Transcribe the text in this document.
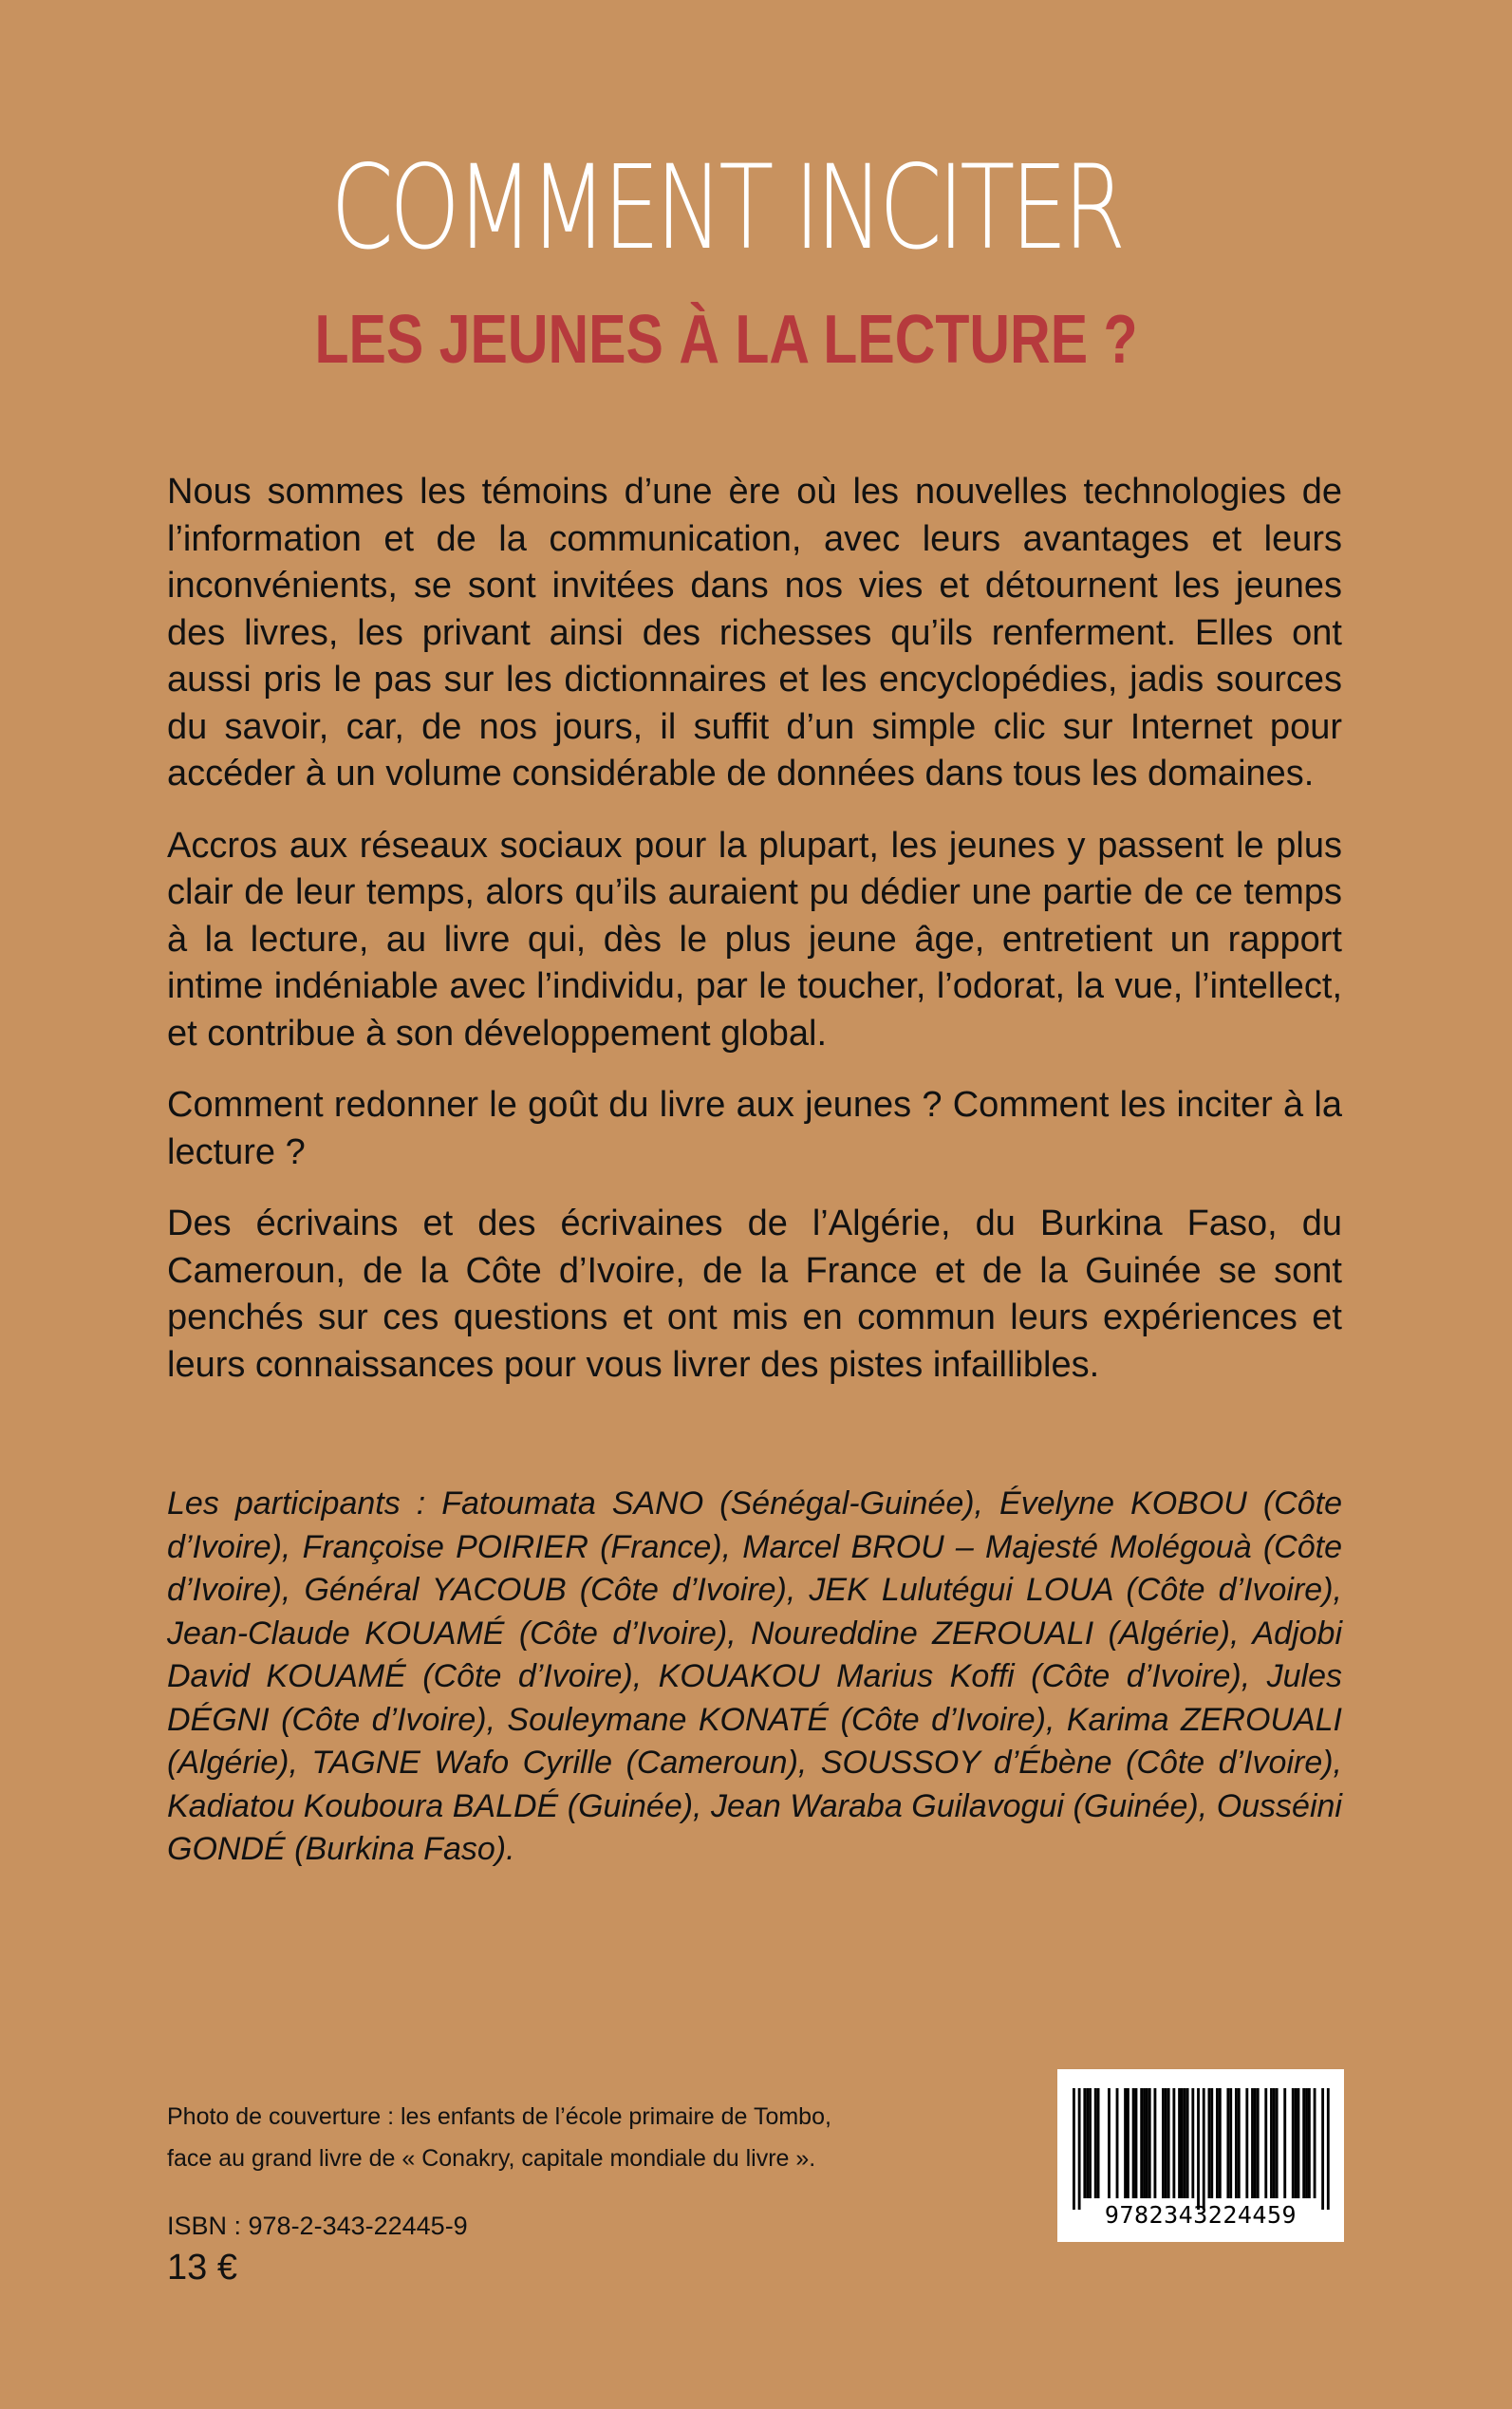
COMMENT INCITER
LES JEUNES À LA LECTURE ?

Nous sommes les témoins d’une ère où les nouvelles technologies de l’information et de la communication, avec leurs avantages et leurs inconvénients, se sont invitées dans nos vies et détournent les jeunes des livres, les privant ainsi des richesses qu’ils renferment. Elles ont aussi pris le pas sur les dictionnaires et les encyclopédies, jadis sources du savoir, car, de nos jours, il suffit d’un simple clic sur Internet pour accéder à un volume considérable de données dans tous les domaines.

Accros aux réseaux sociaux pour la plupart, les jeunes y passent le plus clair de leur temps, alors qu’ils auraient pu dédier une partie de ce temps à la lecture, au livre qui, dès le plus jeune âge, entretient un rapport intime indéniable avec l’individu, par le toucher, l’odorat, la vue, l’intellect, et contribue à son développement global.

Comment redonner le goût du livre aux jeunes ? Comment les inciter à la lecture ?

Des écrivains et des écrivaines de l’Algérie, du Burkina Faso, du Cameroun, de la Côte d’Ivoire, de la France et de la Guinée se sont penchés sur ces questions et ont mis en commun leurs expériences et leurs connaissances pour vous livrer des pistes infaillibles.

Les participants : Fatoumata SANO (Sénégal-Guinée), Évelyne KOBOU (Côte d’Ivoire), Françoise POIRIER (France), Marcel BROU – Majesté Molégouà (Côte d’Ivoire), Général YACOUB (Côte d’Ivoire), JEK Lulutégui LOUA (Côte d’Ivoire), Jean-Claude KOUAMÉ (Côte d’Ivoire), Noureddine ZEROUALI (Algérie), Adjobi David KOUAMÉ (Côte d’Ivoire), KOUAKOU Marius Koffi (Côte d’Ivoire), Jules DÉGNI (Côte d’Ivoire), Souleymane KONATÉ (Côte d’Ivoire), Karima ZEROUALI (Algérie), TAGNE Wafo Cyrille (Cameroun), SOUSSOY d’Ébène (Côte d’Ivoire), Kadiatou Kouboura BALDÉ (Guinée), Jean Waraba Guilavogui (Guinée), Ousséini GONDÉ (Burkina Faso).

Photo de couverture : les enfants de l’école primaire de Tombo,
face au grand livre de « Conakry, capitale mondiale du livre ».

ISBN : 978-2-343-22445-9

13 €

9782343224459
